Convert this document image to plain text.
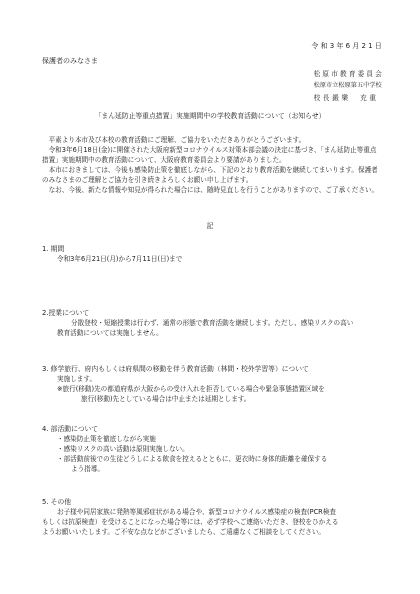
令和3年6月21日
保護者のみなさま
松原市教育委員会
松原市立松原第五中学校
校長鍛樂　充重
「まん延防止等重点措置」実施期間中の学校教育活動について（お知らせ）

平素より本市及び本校の教育活動にご理解、ご協力をいただきありがとうございます。

令和3年6月18日(金)に開催された大阪府新型コロナウイルス対策本部会議の決定に基づき、「まん延防止等重点措置」実施期間中の教育活動について、大阪府教育委員会より要請がありました。

本市におきましては、今後も感染防止策を徹底しながら、下記のとおり教育活動を継続してまいります。保護者のみなさまのご理解とご協力を引き続きよろしくお願い申し上げます。

なお、今後、新たな情報や知見が得られた場合には、随時見直しを行うことがありますので、ご了承ください。

記
1. 期間
令和3年6月21日(月)から7月11日(日)まで
2.授業について
分散登校・短縮授業は行わず、通常の形態で教育活動を継続します。ただし、感染リスクの高い
教育活動については実施しません。
3. 修学旅行、府内もしくは府県間の移動を伴う教育活動（林間・校外学習等）について
実施します。
※旅行(移動)先の都道府県が大阪からの受け入れを拒否している場合や緊急事態措置区域を
旅行(移動)先としている場合は中止または延期とします。
4. 部活動について
・感染防止策を徹底しながら実施
・感染リスクの高い活動は原則実施しない。
・部活動前後での生徒どうしによる飲食を控えるとともに、更衣時に身体的距離を確保する
よう指導。
5. その他
お子様や同居家族に発熱等風邪症状がある場合や、新型コロナウイルス感染症の検査(PCR検査
もしくは抗原検査）を受けることになった場合等には、必ず学校へご連絡いただき、登校をひかえる
ようお願いいたします。ご不安な点などがございましたら、ご遠慮なくご相談をしてください。
